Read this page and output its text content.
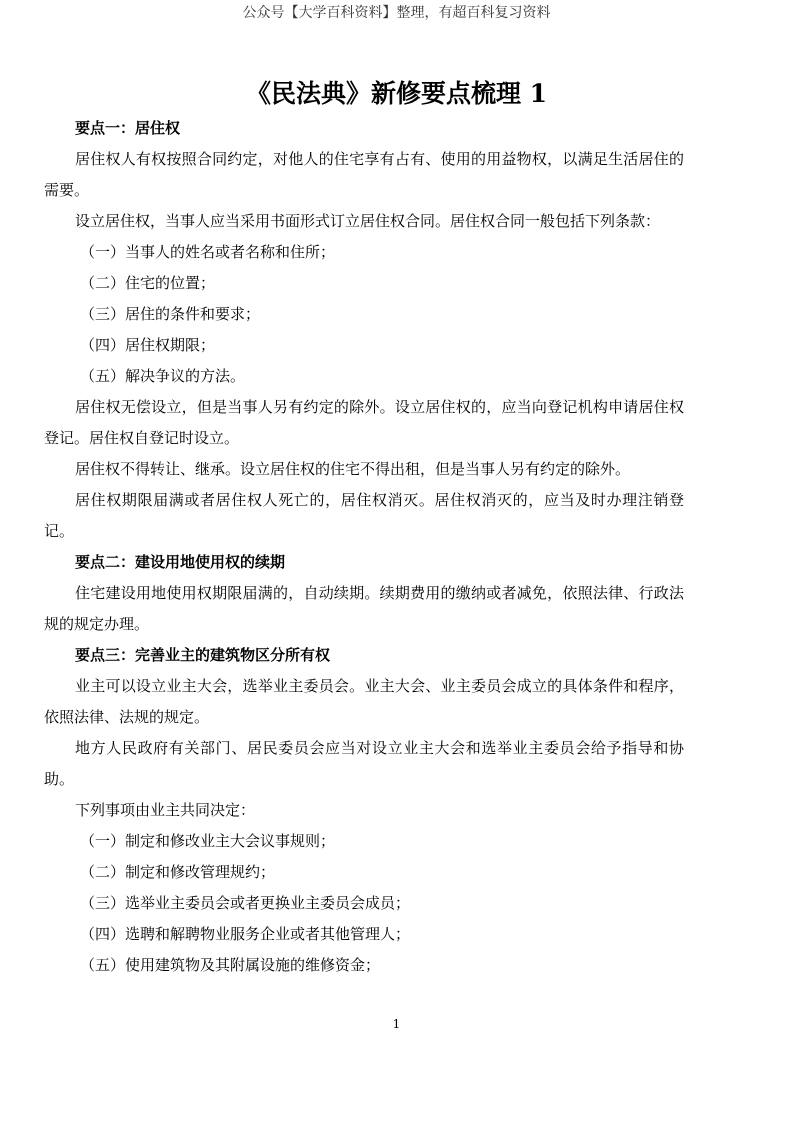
公众号【大学百科资料】整理，有超百科复习资料
《民法典》新修要点梳理 1

要点一：居住权

居住权人有权按照合同约定，对他人的住宅享有占有、使用的用益物权，以满足生活居住的需要。

设立居住权，当事人应当采用书面形式订立居住权合同。居住权合同一般包括下列条款：

（一）当事人的姓名或者名称和住所；

（二）住宅的位置；

（三）居住的条件和要求；

（四）居住权期限；

（五）解决争议的方法。

居住权无偿设立，但是当事人另有约定的除外。设立居住权的，应当向登记机构申请居住权登记。居住权自登记时设立。

居住权不得转让、继承。设立居住权的住宅不得出租，但是当事人另有约定的除外。

居住权期限届满或者居住权人死亡的，居住权消灭。居住权消灭的，应当及时办理注销登记。

要点二：建设用地使用权的续期

住宅建设用地使用权期限届满的，自动续期。续期费用的缴纳或者减免，依照法律、行政法规的规定办理。

要点三：完善业主的建筑物区分所有权

业主可以设立业主大会，选举业主委员会。业主大会、业主委员会成立的具体条件和程序，依照法律、法规的规定。

地方人民政府有关部门、居民委员会应当对设立业主大会和选举业主委员会给予指导和协助。

下列事项由业主共同决定：

（一）制定和修改业主大会议事规则；

（二）制定和修改管理规约；

（三）选举业主委员会或者更换业主委员会成员；

（四）选聘和解聘物业服务企业或者其他管理人；

（五）使用建筑物及其附属设施的维修资金；

1
